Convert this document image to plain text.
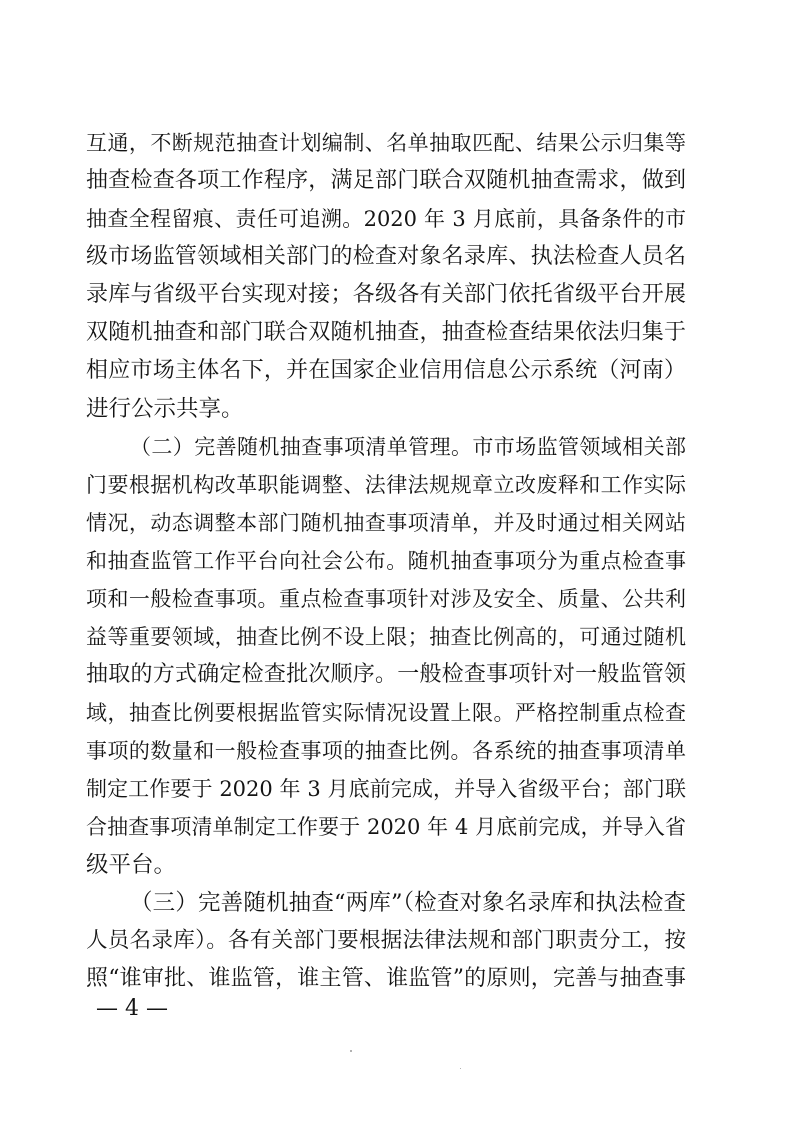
互通，不断规范抽查计划编制、名单抽取匹配、结果公示归集等
抽查检查各项工作程序，满足部门联合双随机抽查需求，做到
抽查全程留痕、责任可追溯。2020 年 3 月底前，具备条件的市
级市场监管领域相关部门的检查对象名录库、执法检查人员名
录库与省级平台实现对接；各级各有关部门依托省级平台开展
双随机抽查和部门联合双随机抽查，抽查检查结果依法归集于
相应市场主体名下，并在国家企业信用信息公示系统（河南）
进行公示共享。
（二）完善随机抽查事项清单管理。市市场监管领域相关部
门要根据机构改革职能调整、法律法规规章立改废释和工作实际
情况，动态调整本部门随机抽查事项清单，并及时通过相关网站
和抽查监管工作平台向社会公布。随机抽查事项分为重点检查事
项和一般检查事项。重点检查事项针对涉及安全、质量、公共利
益等重要领域，抽查比例不设上限；抽查比例高的，可通过随机
抽取的方式确定检查批次顺序。一般检查事项针对一般监管领
域，抽查比例要根据监管实际情况设置上限。严格控制重点检查
事项的数量和一般检查事项的抽查比例。各系统的抽查事项清单
制定工作要于 2020 年 3 月底前完成，并导入省级平台；部门联
合抽查事项清单制定工作要于 2020 年 4 月底前完成，并导入省
级平台。
（三）完善随机抽查“两库”（检查对象名录库和执法检查
人员名录库）。各有关部门要根据法律法规和部门职责分工，按
照“谁审批、谁监管，谁主管、谁监管”的原则，完善与抽查事
— 4 —
